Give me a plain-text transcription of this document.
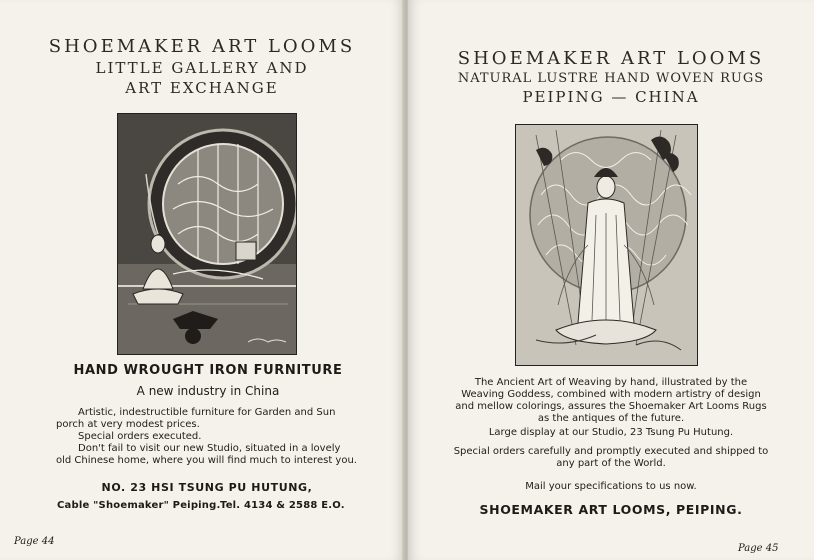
SHOEMAKER ART LOOMS
LITTLE GALLERY AND
ART EXCHANGE
HAND WROUGHT IRON FURNITURE
A new industry in China

Artistic, indestructible furniture for Garden and Sun porch at very modest prices.

Special orders executed.

Don't fail to visit our new Studio, situated in a lovely old Chinese home, where you will find much to interest you.

NO. 23 HSI TSUNG PU HUTUNG,
Cable "Shoemaker" Peiping. Tel. 4134 & 2588 E.O.
Page 44
SHOEMAKER ART LOOMS
NATURAL LUSTRE HAND WOVEN RUGS
PEIPING — CHINA
The Ancient Art of Weaving by hand, illustrated by the Weaving Goddess, combined with modern artistry of design and mellow colorings, assures the Shoemaker Art Looms Rugs as the antiques of the future.
Large display at our Studio, 23 Tsung Pu Hutung.
Special orders carefully and promptly executed and shipped to any part of the World.
Mail your specifications to us now.
SHOEMAKER ART LOOMS, PEIPING.
Page 45
